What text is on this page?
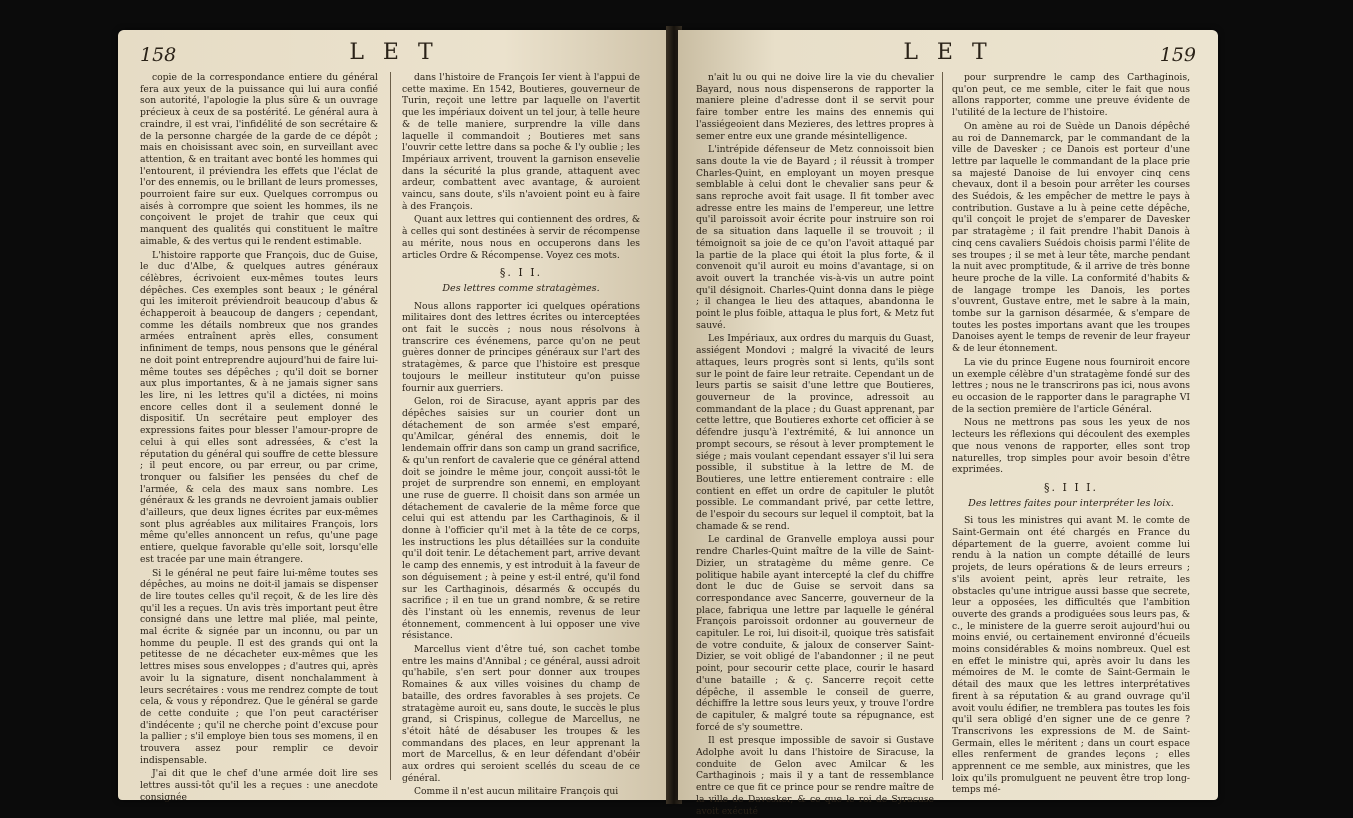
158	L E T

copie de la correspondance entiere du général fera aux yeux de la puissance qui lui aura confié son autorité, l'apologie la plus sûre & un ouvrage précieux à ceux de sa postérité. Le général aura à craindre, il est vrai, l'infidélité de son secrétaire & de la personne chargée de la garde de ce dépôt ; mais en choisissant avec soin, en surveillant avec attention, & en traitant avec bonté les hommes qui l'entourent, il préviendra les effets que l'éclat de l'or des ennemis, ou le brillant de leurs promesses, pourroient faire sur eux. Quelques corrompus ou aisés à corrompre que soient les hommes, ils ne conçoivent le projet de trahir que ceux qui manquent des qualités qui constituent le maître aimable, & des vertus qui le rendent estimable.

L'histoire rapporte que François, duc de Guise, le duc d'Albe, & quelques autres généraux célèbres, écrivoient eux-mêmes toutes leurs dépêches. Ces exemples sont beaux ; le général qui les imiteroit préviendroit beaucoup d'abus & échapperoit à beaucoup de dangers ; cependant, comme les détails nombreux que nos grandes armées entraînent après elles, consument infiniment de temps, nous pensons que le général ne doit point entreprendre aujourd'hui de faire lui-même toutes ses dépêches ; qu'il doit se borner aux plus importantes, & à ne jamais signer sans les lire, ni les lettres qu'il a dictées, ni moins encore celles dont il a seulement donné le dispositif. Un secrétaire peut employer des expressions faites pour blesser l'amour-propre de celui à qui elles sont adressées, & c'est la réputation du général qui souffre de cette blessure ; il peut encore, ou par erreur, ou par crime, tronquer ou falsifier les pensées du chef de l'armée, & cela des maux sans nombre. Les généraux & les grands ne devroient jamais oublier d'ailleurs, que deux lignes écrites par eux-mêmes sont plus agréables aux militaires François, lors même qu'elles annoncent un refus, qu'une page entiere, quelque favorable qu'elle soit, lorsqu'elle est tracée par une main étrangere.

Si le général ne peut faire lui-même toutes ses dépêches, au moins ne doit-il jamais se dispenser de lire toutes celles qu'il reçoit, & de les lire dès qu'il les a reçues. Un avis très important peut être consigné dans une lettre mal pliée, mal peinte, mal écrite & signée par un inconnu, ou par un homme du peuple. Il est des grands qui ont la petitesse de ne décacheter eux-mêmes que les lettres mises sous enveloppes ; d'autres qui, après avoir lu la signature, disent nonchalamment à leurs secrétaires : vous me rendrez compte de tout cela, & vous y répondrez. Que le général se garde de cette conduite ; que l'on peut caractériser d'indécente ; qu'il ne cherche point d'excuse pour la pallier ; s'il employe bien tous ses momens, il en trouvera assez pour remplir ce devoir indispensable.

J'ai dit que le chef d'une armée doit lire ses lettres aussi-tôt qu'il les a reçues : une anecdote consignée

dans l'histoire de François Ier vient à l'appui de cette maxime. En 1542, Boutieres, gouverneur de Turin, reçoit une lettre par laquelle on l'avertit que les impériaux doivent un tel jour, à telle heure & de telle maniere, surprendre la ville dans laquelle il commandoit ; Boutieres met sans l'ouvrir cette lettre dans sa poche & l'y oublie ; les Impériaux arrivent, trouvent la garnison ensevelie dans la sécurité la plus grande, attaquent avec ardeur, combattent avec avantage, & auroient vaincu, sans doute, s'ils n'avoient point eu à faire à des François.

Quant aux lettres qui contiennent des ordres, & à celles qui sont destinées à servir de récompense au mérite, nous nous en occuperons dans les articles Ordre & Récompense. Voyez ces mots.

§. I I.
Des lettres comme stratagèmes.

Nous allons rapporter ici quelques opérations militaires dont des lettres écrites ou interceptées ont fait le succès ; nous nous résolvons à transcrire ces événemens, parce qu'on ne peut guères donner de principes généraux sur l'art des stratagèmes, & parce que l'histoire est presque toujours le meilleur instituteur qu'on puisse fournir aux guerriers.

Gelon, roi de Siracuse, ayant appris par des dépêches saisies sur un courier dont un détachement de son armée s'est emparé, qu'Amilcar, général des ennemis, doit le lendemain offrir dans son camp un grand sacrifice, & qu'un renfort de cavalerie que ce général attend doit se joindre le même jour, conçoit aussi-tôt le projet de surprendre son ennemi, en employant une ruse de guerre. Il choisit dans son armée un détachement de cavalerie de la même force que celui qui est attendu par les Carthaginois, & il donne à l'officier qu'il met à la tête de ce corps, les instructions les plus détaillées sur la conduite qu'il doit tenir. Le détachement part, arrive devant le camp des ennemis, y est introduit à la faveur de son déguisement ; à peine y est-il entré, qu'il fond sur les Carthaginois, désarmés & occupés du sacrifice ; il en tue un grand nombre, & se retire dès l'instant où les ennemis, revenus de leur étonnement, commencent à lui opposer une vive résistance.

Marcellus vient d'être tué, son cachet tombe entre les mains d'Annibal ; ce général, aussi adroit qu'habile, s'en sert pour donner aux troupes Romaines & aux villes voisines du champ de bataille, des ordres favorables à ses projets. Ce stratagème auroit eu, sans doute, le succès le plus grand, si Crispinus, collegue de Marcellus, ne s'étoit hâté de désabuser les troupes & les commandans des places, en leur apprenant la mort de Marcellus, & en leur défendant d'obéir aux ordres qui seroient scellés du sceau de ce général.

Comme il n'est aucun militaire François qui

L E T	159

n'ait lu ou qui ne doive lire la vie du chevalier Bayard, nous nous dispenserons de rapporter la maniere pleine d'adresse dont il se servit pour faire tomber entre les mains des ennemis qui l'assiégeoient dans Mezieres, des lettres propres à semer entre eux une grande mésintelligence.

L'intrépide défenseur de Metz connoissoit bien sans doute la vie de Bayard ; il réussit à tromper Charles-Quint, en employant un moyen presque semblable à celui dont le chevalier sans peur & sans reproche avoit fait usage. Il fit tomber avec adresse entre les mains de l'empereur, une lettre qu'il paroissoit avoir écrite pour instruire son roi de sa situation dans laquelle il se trouvoit ; il témoignoit sa joie de ce qu'on l'avoit attaqué par la partie de la place qui étoit la plus forte, & il convenoit qu'il auroit eu moins d'avantage, si on avoit ouvert la tranchée vis-à-vis un autre point qu'il désignoit. Charles-Quint donna dans le piège ; il changea le lieu des attaques, abandonna le point le plus foible, attaqua le plus fort, & Metz fut sauvé.

Les Impériaux, aux ordres du marquis du Guast, assiégent Mondovi ; malgré la vivacité de leurs attaques, leurs progrès sont si lents, qu'ils sont sur le point de faire leur retraite. Cependant un de leurs partis se saisit d'une lettre que Boutieres, gouverneur de la province, adressoit au commandant de la place ; du Guast apprenant, par cette lettre, que Boutieres exhorte cet officier à se défendre jusqu'à l'extrémité, & lui annonce un prompt secours, se résout à lever promptement le siége ; mais voulant cependant essayer s'il lui sera possible, il substitue à la lettre de M. de Boutieres, une lettre entierement contraire : elle contient en effet un ordre de capituler le plutôt possible. Le commandant privé, par cette lettre, de l'espoir du secours sur lequel il comptoit, bat la chamade & se rend.

Le cardinal de Granvelle employa aussi pour rendre Charles-Quint maître de la ville de Saint-Dizier, un stratagème du même genre. Ce politique habile ayant intercepté la clef du chiffre dont le duc de Guise se servoit dans sa correspondance avec Sancerre, gouverneur de la place, fabriqua une lettre par laquelle le général François paroissoit ordonner au gouverneur de capituler. Le roi, lui disoit-il, quoique très satisfait de votre conduite, & jaloux de conserver Saint-Dizier, se voit obligé de l'abandonner ; il ne peut point, pour secourir cette place, courir le hasard d'une bataille ; & ç. Sancerre reçoit cette dépêche, il assemble le conseil de guerre, déchiffre la lettre sous leurs yeux, y trouve l'ordre de capituler, & malgré toute sa répugnance, est forcé de s'y soumettre.

Il est presque impossible de savoir si Gustave Adolphe avoit lu dans l'histoire de Siracuse, la conduite de Gelon avec Amilcar & les Carthaginois ; mais il y a tant de ressemblance entre ce que fit ce prince pour se rendre maître de la ville de Davesker, & ce que le roi de Syracuse avoit exécuté

pour surprendre le camp des Carthaginois, qu'on peut, ce me semble, citer le fait que nous allons rapporter, comme une preuve évidente de l'utilité de la lecture de l'histoire.

On amène au roi de Suède un Danois dépêché au roi de Dannemarck, par le commandant de la ville de Davesker ; ce Danois est porteur d'une lettre par laquelle le commandant de la place prie sa majesté Danoise de lui envoyer cinq cens chevaux, dont il a besoin pour arrêter les courses des Suédois, & les empêcher de mettre le pays à contribution. Gustave a lu à peine cette dépêche, qu'il conçoit le projet de s'emparer de Davesker par stratagème ; il fait prendre l'habit Danois à cinq cens cavaliers Suédois choisis parmi l'élite de ses troupes ; il se met à leur tête, marche pendant la nuit avec promptitude, & il arrive de très bonne heure proche de la ville. La conformité d'habits & de langage trompe les Danois, les portes s'ouvrent, Gustave entre, met le sabre à la main, tombe sur la garnison désarmée, & s'empare de toutes les postes importans avant que les troupes Danoises ayent le temps de revenir de leur frayeur & de leur étonnement.

La vie du prince Eugene nous fourniroit encore un exemple célèbre d'un stratagème fondé sur des lettres ; nous ne le transcrirons pas ici, nous avons eu occasion de le rapporter dans le paragraphe VI de la section première de l'article Général.

Nous ne mettrons pas sous les yeux de nos lecteurs les réflexions qui découlent des exemples que nous venons de rapporter, elles sont trop naturelles, trop simples pour avoir besoin d'être exprimées.

§. I I I.
Des lettres faites pour interpréter les loix.

Si tous les ministres qui avant M. le comte de Saint-Germain ont été chargés en France du département de la guerre, avoient comme lui rendu à la nation un compte détaillé de leurs projets, de leurs opérations & de leurs erreurs ; s'ils avoient peint, après leur retraite, les obstacles qu'une intrigue aussi basse que secrete, leur a opposées, les difficultés que l'ambition ouverte des grands a prodiguées sous leurs pas, & c., le ministere de la guerre seroit aujourd'hui ou moins envié, ou certainement environné d'écueils moins considérables & moins nombreux. Quel est en effet le ministre qui, après avoir lu dans les mémoires de M. le comte de Saint-Germain le détail des maux que les lettres interprétatives firent à sa réputation & au grand ouvrage qu'il avoit voulu édifier, ne tremblera pas toutes les fois qu'il sera obligé d'en signer une de ce genre ? Transcrivons les expressions de M. de Saint-Germain, elles le méritent ; dans un court espace elles renferment de grandes leçons ; elles apprennent ce me semble, aux ministres, que les loix qu'ils promulguent ne peuvent être trop long-temps mé-
